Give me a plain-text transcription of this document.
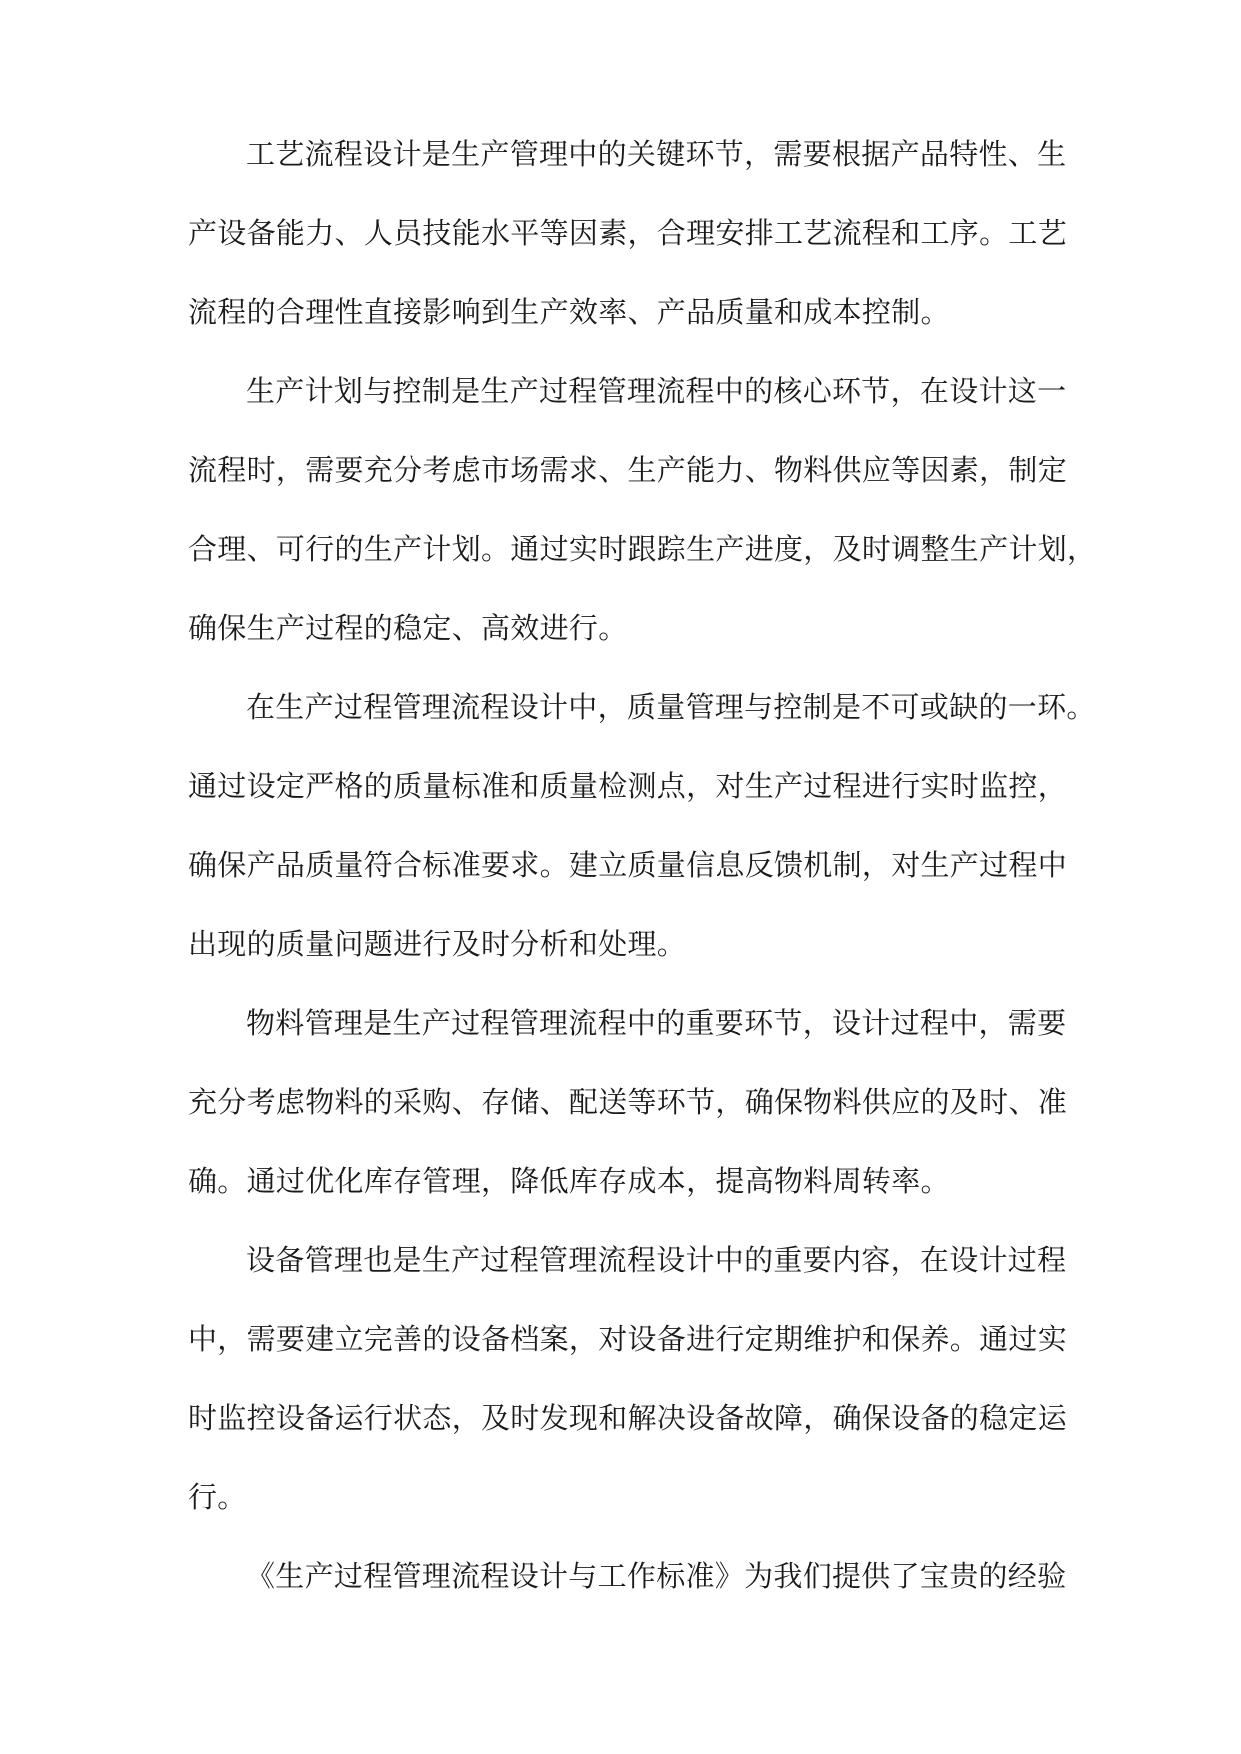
工艺流程设计是生产管理中的关键环节，需要根据产品特性、生
产设备能力、人员技能水平等因素，合理安排工艺流程和工序。工艺
流程的合理性直接影响到生产效率、产品质量和成本控制。
生产计划与控制是生产过程管理流程中的核心环节，在设计这一
流程时，需要充分考虑市场需求、生产能力、物料供应等因素，制定
合理、可行的生产计划。通过实时跟踪生产进度，及时调整生产计划，
确保生产过程的稳定、高效进行。
在生产过程管理流程设计中，质量管理与控制是不可或缺的一环。
通过设定严格的质量标准和质量检测点，对生产过程进行实时监控，
确保产品质量符合标准要求。建立质量信息反馈机制，对生产过程中
出现的质量问题进行及时分析和处理。
物料管理是生产过程管理流程中的重要环节，设计过程中，需要
充分考虑物料的采购、存储、配送等环节，确保物料供应的及时、准
确。通过优化库存管理，降低库存成本，提高物料周转率。
设备管理也是生产过程管理流程设计中的重要内容，在设计过程
中，需要建立完善的设备档案，对设备进行定期维护和保养。通过实
时监控设备运行状态，及时发现和解决设备故障，确保设备的稳定运
行。
《生产过程管理流程设计与工作标准》为我们提供了宝贵的经验
